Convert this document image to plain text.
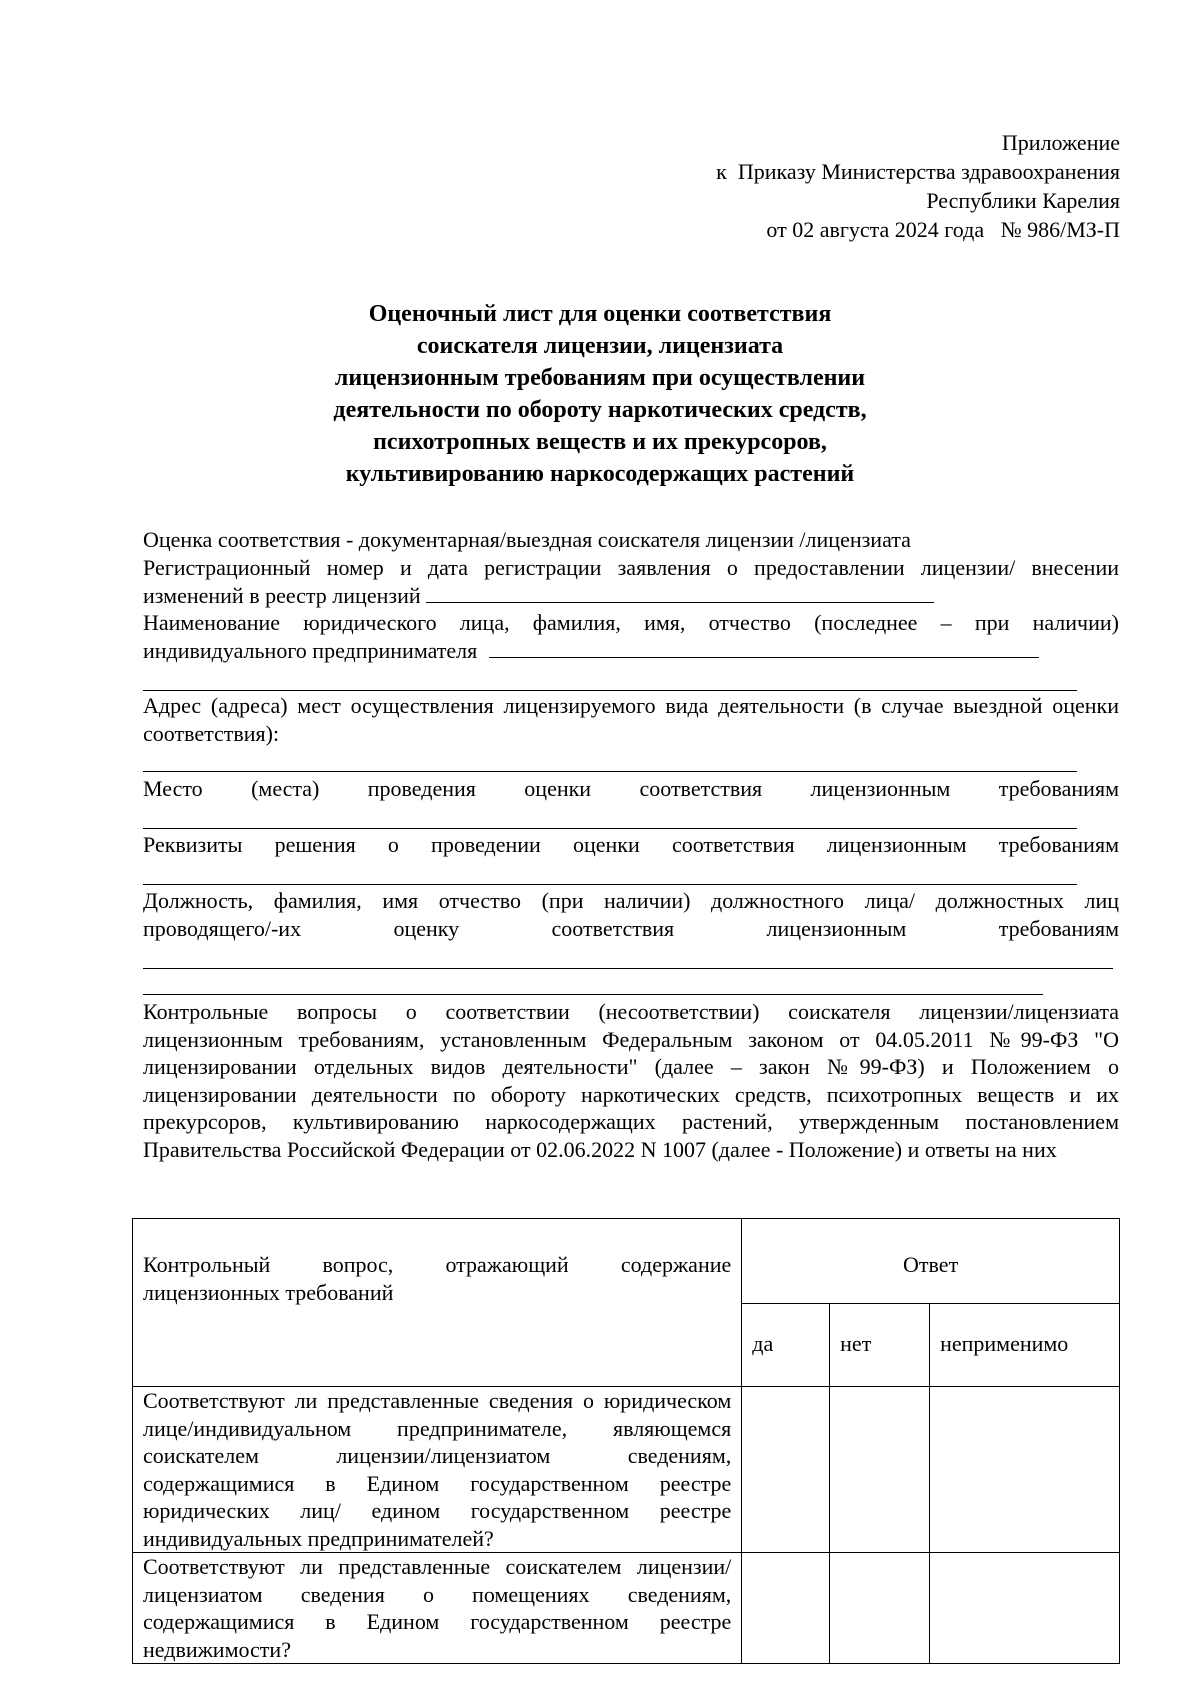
Приложение
к  Приказу Министерства здравоохранения
Республики Карелия
от 02 августа 2024 года   № 986/МЗ-П
Оценочный лист для оценки соответствия
соискателя лицензии, лицензиата
лицензионным требованиям при осуществлении
деятельности по обороту наркотических средств,
психотропных веществ и их прекурсоров,
культивированию наркосодержащих растений
Оценка соответствия - документарная/выездная соискателя лицензии /лицензиата
Регистрационный номер и дата регистрации заявления о предоставлении лицензии/ внесении изменений в реестр лицензий
Наименование юридического лица, фамилия, имя, отчество (последнее – при наличии) индивидуального предпринимателя
Адрес (адреса) мест осуществления лицензируемого вида деятельности (в случае выездной оценки соответствия):
Место (места) проведения оценки соответствия лицензионным требованиям
Реквизиты решения о проведении оценки соответствия лицензионным требованиям
Должность, фамилия, имя отчество (при наличии) должностного лица/ должностных лиц
проводящего/-их оценку соответствия лицензионным требованиям
Контрольные вопросы о соответствии (несоответствии) соискателя лицензии/лицензиата лицензионным требованиям, установленным Федеральным законом от 04.05.2011 №99-ФЗ "О лицензировании отдельных видов деятельности" (далее – закон №99-ФЗ) и Положением о лицензировании деятельности по обороту наркотических средств, психотропных веществ и их прекурсоров, культивированию наркосодержащих растений, утвержденным постановлением Правительства Российской Федерации от 02.06.2022 N 1007 (далее - Положение) и ответы на них
Контрольный вопрос, отражающий содержание лицензионных требований	Ответ		
	да	нет	неприменимо
Соответствуют ли представленные сведения о юридическом лице/индивидуальном предпринимателе, являющемся соискателем лицензии/лицензиатом сведениям, содержащимися в Едином государственном реестре юридических лиц/ едином государственном реестре индивидуальных предпринимателей?			
Соответствуют ли представленные соискателем лицензии/лицензиатом сведения о помещениях сведениям, содержащимися в Едином государственном реестре недвижимости?			
